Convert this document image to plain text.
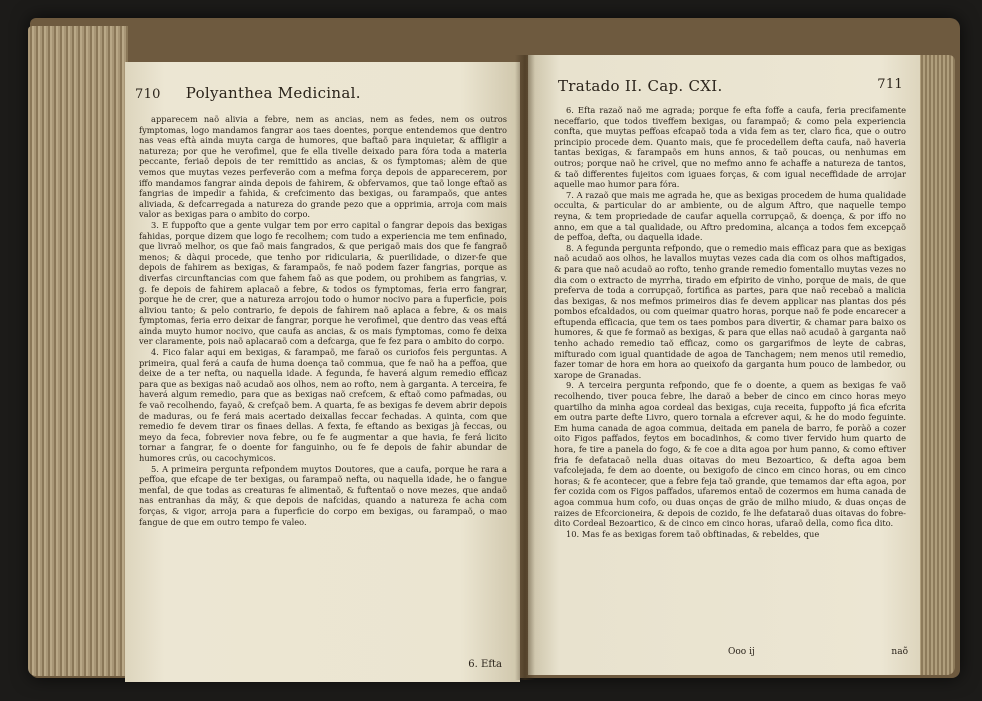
710 Polyanthea Medicinal.

apparecem naõ alivia a febre, nem as ancias, nem as fedes, nem os outros fymptomas, logo mandamos fangrar aos taes doentes, porque entendemos que dentro nas veas eftà ainda muyta carga de humores, que baftaõ para inquietar, & affligir a natureza; por que he verofimel, que fe ella tivelle deixado para fóra toda a materia peccante, feriaõ depois de ter remittido as ancias, & os fymptomas; alèm de que vemos que muytas vezes perfeverão com a mefma força depois de apparecerem, por iffo mandamos fangrar ainda depois de fahirem, & obfervamos, que taõ longe eftaõ as fangrias de impedir a fahida, & crefcimento das bexigas, ou farampaõs, que antes aliviada, & defcarregada a natureza do grande pezo que a opprimia, arroja com mais valor as bexigas para o ambito do corpo.

3. E fuppofto que a gente vulgar tem por erro capital o fangrar depois das bexigas fahidas, porque dizem que logo fe recolhem; com tudo a experiencia me tem enfinado, que livraõ melhor, os que faõ mais fangrados, & que perigaõ mais dos que fe fangraõ menos; & dàqui procede, que tenho por ridicularia, & puerilidade, o dizer-fe que depois de fahirem as bexigas, & farampaõs, fe naõ podem fazer fangrias, porque as diverfas circunftancias com que fahem faõ as que podem, ou prohibem as fangrias, v. g. fe depois de fahirem aplacaõ a febre, & todos os fymptomas, feria erro fangrar, porque he de crer, que a natureza arrojou todo o humor nocivo para a fuperficie, pois aliviou tanto; & pelo contrario, fe depois de fahirem naõ aplaca a febre, & os mais fymptomas, feria erro deixar de fangrar, porque he verofimel, que dentro das veas eftá ainda muyto humor nocivo, que caufa as ancias, & os mais fymptomas, como fe deixa ver claramente, pois naõ aplacaraõ com a defcarga, que fe fez para o ambito do corpo.

4. Fico falar aqui em bexigas, & farampaõ, me faraõ os curiofos feis perguntas. A primeira, qual ferá a caufa de huma doença taõ commua, que fe naõ ha a peffoa, que deixe de a ter nefta, ou naquella idade. A fegunda, fe haverá algum remedio efficaz para que as bexigas naõ acudaõ aos olhos, nem ao rofto, nem à garganta. A terceira, fe haverá algum remedio, para que as bexigas naõ crefcem, & eftaõ como pafmadas, ou fe vaõ recolhendo, fayaõ, & crefçaõ bem. A quarta, fe as bexigas fe devem abrir depois de maduras, ou fe ferá mais acertado deixallas feccar fechadas. A quinta, com que remedio fe devem tirar os finaes dellas. A fexta, fe eftando as bexigas jà feccas, ou meyo da feca, fobrevier nova febre, ou fe fe augmentar a que havia, fe ferá licito tornar a fangrar, fe o doente for fanguinho, ou fe fe depois de fahir abundar de humores crús, ou cacochymicos.

5. A primeira pergunta refpondem muytos Doutores, que a caufa, porque he rara a peffoa, que efcape de ter bexigas, ou farampaõ nefta, ou naquella idade, he o fangue menfal, de que todas as creaturas fe alimentaõ, & fuftentaõ o nove mezes, que andaõ nas entranhas da mãy, & que depois de nafcidas, quando a natureza fe acha com forças, & vigor, arroja para a fuperficie do corpo em bexigas, ou farampaõ, o mao fangue de que em outro tempo fe valeo.

6. Efta
Tratado II. Cap. CXI.	711

6. Efta razaõ naõ me agrada; porque fe efta foffe a caufa, feria precifamente neceffario, que todos tiveffem bexigas, ou farampaõ; & como pela experiencia confta, que muytas peffoas efcapaõ toda a vida fem as ter, claro fica, que o outro principio procede dem. Quanto mais, que fe procedellem defta caufa, naõ haveria tantas bexigas, & farampaõs em huns annos, & taõ poucas, ou nenhumas em outros; porque naõ he crivel, que no mefmo anno fe achaffe a natureza de tantos, & taõ differentes fujeitos com iguaes forças, & com igual neceffidade de arrojar aquelle mao humor para fóra.

7. A razaõ que mais me agrada he, que as bexigas procedem de huma qualidade occulta, & particular do ar ambiente, ou de algum Aftro, que naquelle tempo reyna, & tem propriedade de caufar aquella corrupçaõ, & doença, & por iffo no anno, em que a tal qualidade, ou Aftro predomina, alcança a todos fem excepçaõ de peffoa, defta, ou daquella idade.

8. A fegunda pergunta refpondo, que o remedio mais efficaz para que as bexigas naõ acudaõ aos olhos, he lavallos muytas vezes cada dia com os olhos maftigados, & para que naõ acudaõ ao rofto, tenho grande remedio fomentallo muytas vezes no dia com o extracto de myrrha, tirado em efpirito de vinho, porque de mais, de que preferva de toda a corrupçaõ, fortifica as partes, para que naõ recebaõ a malicia das bexigas, & nos mefmos primeiros dias fe devem applicar nas plantas dos pés pombos efcaldados, ou com queimar quatro horas, porque naõ fe pode encarecer a eftupenda efficacia, que tem os taes pombos para divertir, & chamar para baixo os humores, & que fe formaõ as bexigas, & para que ellas naõ acudaõ à garganta naõ tenho achado remedio taõ efficaz, como os gargarifmos de leyte de cabras, mifturado com igual quantidade de agoa de Tanchagem; nem menos util remedio, fazer tomar de hora em hora ao queixofo da garganta hum pouco de lambedor, ou xarope de Granadas.

9. A terceira pergunta refpondo, que fe o doente, a quem as bexigas fe vaõ recolhendo, tiver pouca febre, lhe daraõ a beber de cinco em cinco horas meyo quartilho da minha agoa cordeal das bexigas, cuja receita, fuppofto já fica efcrita em outra parte defte Livro, quero tornala a efcrever aqui, & he do modo feguinte. Em huma canada de agoa commua, deitada em panela de barro, fe poràõ a cozer oito Figos paffados, feytos em bocadinhos, & como tiver fervido hum quarto de hora, fe tire a panela do fogo, & fe coe a dita agoa por hum panno, & como eftiver fria fe defatacaõ nella duas oitavas do meu Bezoartico, & defta agoa bem vafcolejada, fe dem ao doente, ou bexigofo de cinco em cinco horas, ou em cinco horas; & fe acontecer, que a febre feja taõ grande, que temamos dar efta agoa, por fer cozida com os Figos paffados, ufaremos entaõ de cozermos em huma canada de agoa commua hum cofo, ou duas onças de grão de milho miudo, & duas onças de raizes de Efcorcioneira, & depois de cozido, fe lhe defataraõ duas oitavas do fobre-dito Cordeal Bezoartico, & de cinco em cinco horas, ufaraõ della, como fica dito.

10. Mas fe as bexigas forem taõ obftinadas, & rebeldes, que

Ooo ij	naõ
